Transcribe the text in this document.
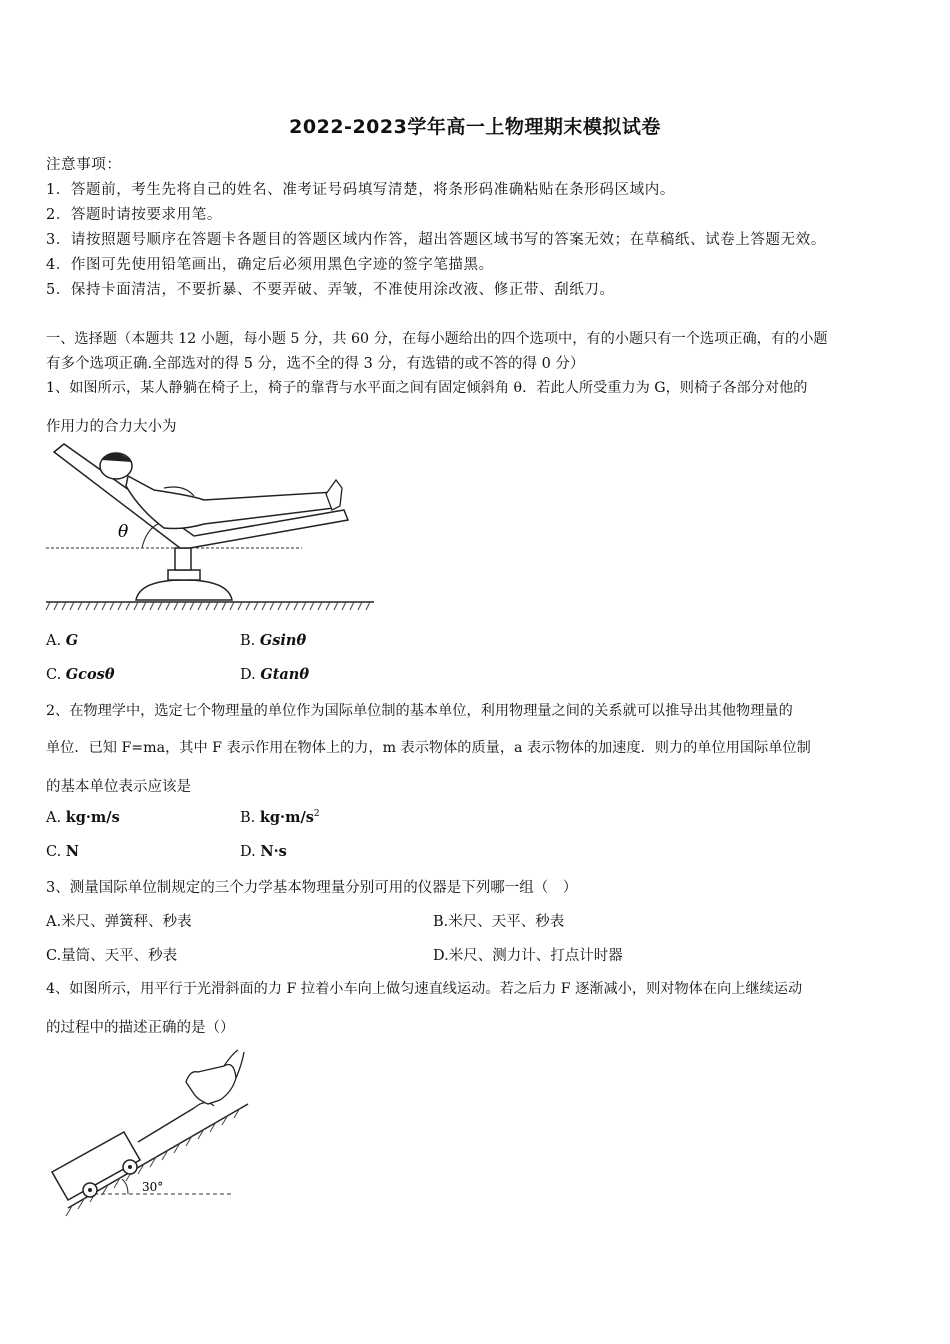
2022-2023学年高一上物理期末模拟试卷
注意事项：
1．答题前，考生先将自己的姓名、准考证号码填写清楚，将条形码准确粘贴在条形码区域内。
2．答题时请按要求用笔。
3．请按照题号顺序在答题卡各题目的答题区域内作答，超出答题区域书写的答案无效；在草稿纸、试卷上答题无效。
4．作图可先使用铅笔画出，确定后必须用黑色字迹的签字笔描黑。
5．保持卡面清洁，不要折暴、不要弄破、弄皱，不准使用涂改液、修正带、刮纸刀。
一、选择题（本题共 12 小题，每小题 5 分，共 60 分，在每小题给出的四个选项中，有的小题只有一个选项正确，有的小题
有多个选项正确.全部选对的得 5 分，选不全的得 3 分，有选错的或不答的得 0 分）
1、如图所示，某人静躺在椅子上，椅子的靠背与水平面之间有固定倾斜角 θ．若此人所受重力为 G，则椅子各部分对他的
作用力的合力大小为
θ
A. G	B. Gsinθ
C. Gcosθ	D. Gtanθ
2、在物理学中，选定七个物理量的单位作为国际单位制的基本单位，利用物理量之间的关系就可以推导出其他物理量的
单位．已知 F=ma，其中 F 表示作用在物体上的力，m 表示物体的质量，a 表示物体的加速度．则力的单位用国际单位制
的基本单位表示应该是
A. kg·m/s	B. $kg\cdot m/s^2$
C. N	D. N·s
3、测量国际单位制规定的三个力学基本物理量分别可用的仪器是下列哪一组（　）
A.米尺、弹簧秤、秒表	B.米尺、天平、秒表
C.量筒、天平、秒表	D.米尺、测力计、打点计时器
4、如图所示，用平行于光滑斜面的力 F 拉着小车向上做匀速直线运动。若之后力 F 逐渐减小，则对物体在向上继续运动
的过程中的描述正确的是（）
30°
